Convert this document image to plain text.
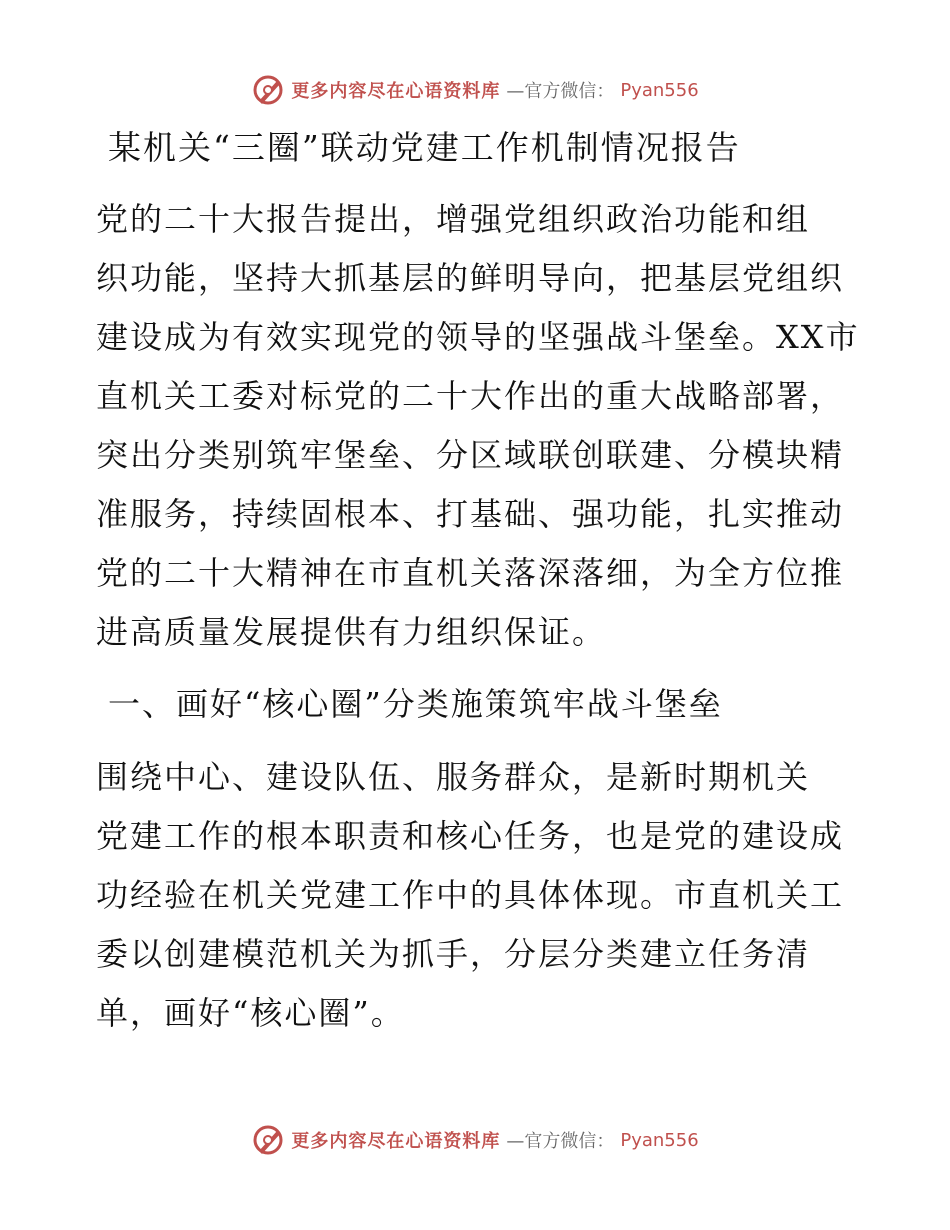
更多内容尽在心语资料库 —官方微信： Pyan556
某机关“三圈”联动党建工作机制情况报告
党的二十大报告提出，增强党组织政治功能和组
织功能，坚持大抓基层的鲜明导向，把基层党组织
建设成为有效实现党的领导的坚强战斗堡垒。XX市
直机关工委对标党的二十大作出的重大战略部署，
突出分类别筑牢堡垒、分区域联创联建、分模块精
准服务，持续固根本、打基础、强功能，扎实推动
党的二十大精神在市直机关落深落细，为全方位推
进高质量发展提供有力组织保证。
一、画好“核心圈”分类施策筑牢战斗堡垒
围绕中心、建设队伍、服务群众，是新时期机关
党建工作的根本职责和核心任务，也是党的建设成
功经验在机关党建工作中的具体体现。市直机关工
委以创建模范机关为抓手，分层分类建立任务清
单，画好“核心圈”。
更多内容尽在心语资料库 —官方微信： Pyan556
